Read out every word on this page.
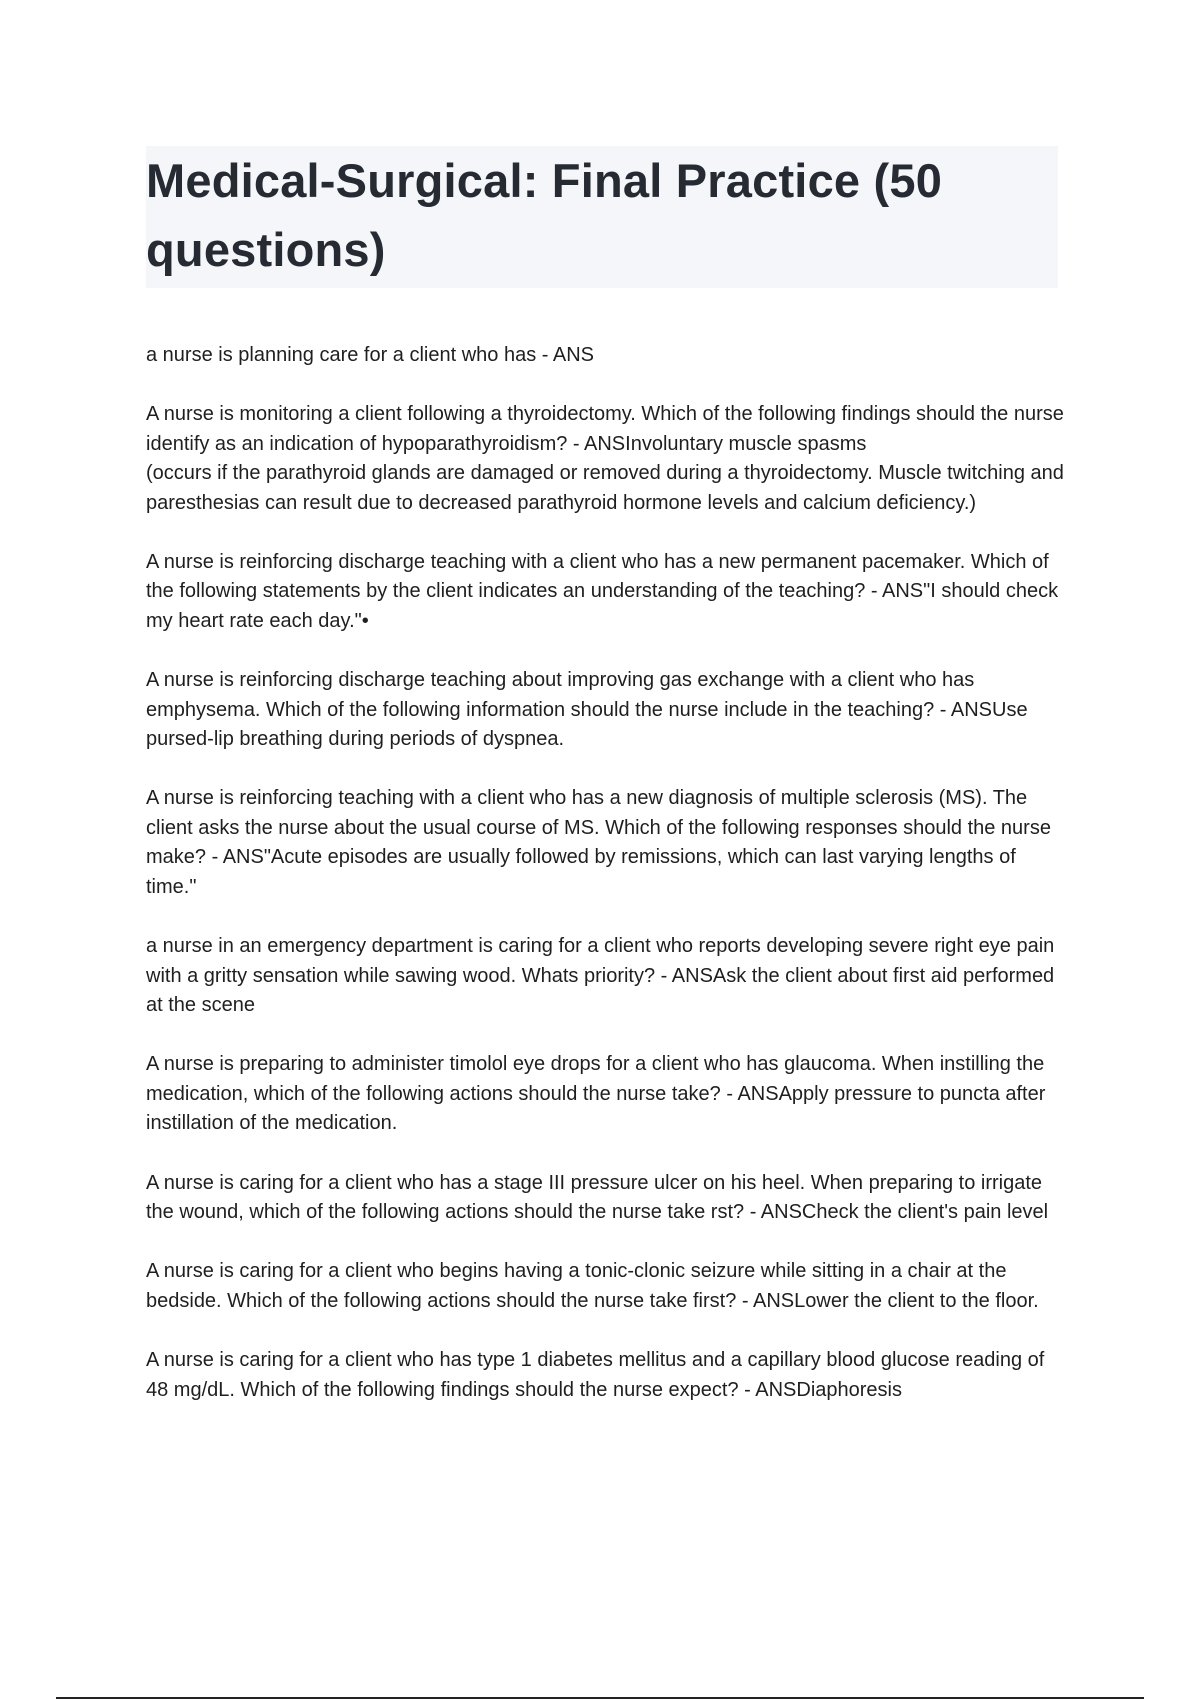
Medical-Surgical: Final Practice (50 questions)

a nurse is planning care for a client who has - ANS

A nurse is monitoring a client following a thyroidectomy. Which of the following findings should the nurse identify as an indication of hypoparathyroidism? - ANSInvoluntary muscle spasms
(occurs if the parathyroid glands are damaged or removed during a thyroidectomy. Muscle twitching and paresthesias can result due to decreased parathyroid hormone levels and calcium deficiency.)

A nurse is reinforcing discharge teaching with a client who has a new permanent pacemaker. Which of the following statements by the client indicates an understanding of the teaching? - ANS"I should check my heart rate each day."•

A nurse is reinforcing discharge teaching about improving gas exchange with a client who has emphysema. Which of the following information should the nurse include in the teaching? - ANSUse pursed-lip breathing during periods of dyspnea.

A nurse is reinforcing teaching with a client who has a new diagnosis of multiple sclerosis (MS). The client asks the nurse about the usual course of MS. Which of the following responses should the nurse make? - ANS"Acute episodes are usually followed by remissions, which can last varying lengths of time."

a nurse in an emergency department is caring for a client who reports developing severe right eye pain with a gritty sensation while sawing wood. Whats priority? - ANSAsk the client about first aid performed at the scene

A nurse is preparing to administer timolol eye drops for a client who has glaucoma. When instilling the medication, which of the following actions should the nurse take? - ANSApply pressure to puncta after instillation of the medication.

A nurse is caring for a client who has a stage III pressure ulcer on his heel. When preparing to irrigate the wound, which of the following actions should the nurse take rst? - ANSCheck the client's pain level

A nurse is caring for a client who begins having a tonic-clonic seizure while sitting in a chair at the bedside. Which of the following actions should the nurse take first? - ANSLower the client to the floor.

A nurse is caring for a client who has type 1 diabetes mellitus and a capillary blood glucose reading of 48 mg/dL. Which of the following findings should the nurse expect? - ANSDiaphoresis
